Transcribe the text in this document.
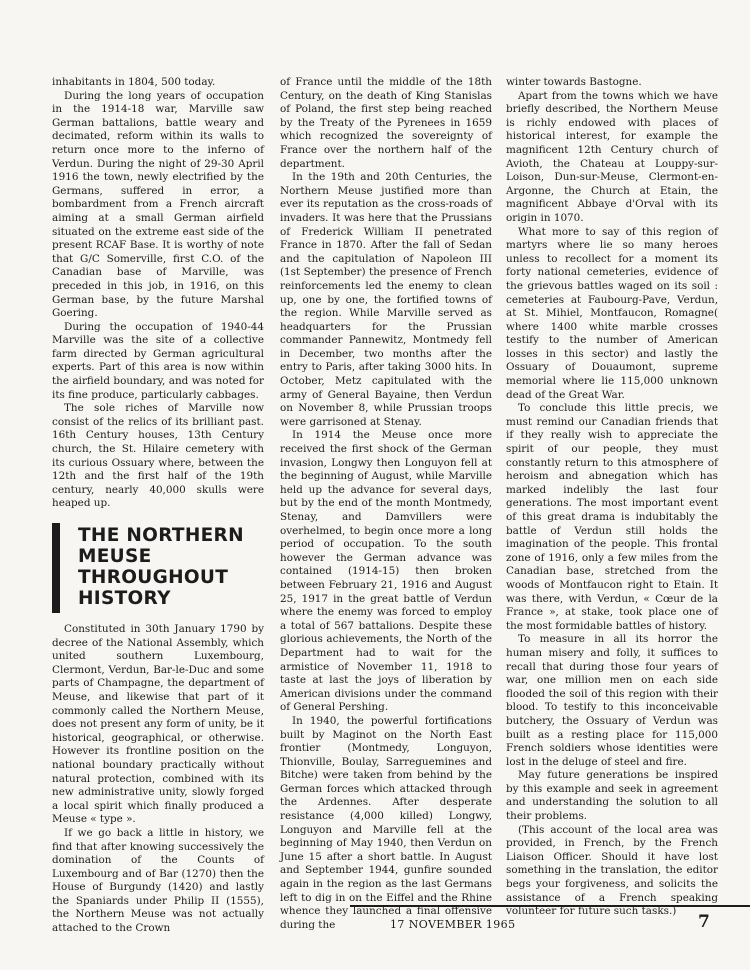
inhabitants in 1804, 500 today.

During the long years of occupation in the 1914-18 war, Marville saw German battalions, battle weary and decimated, reform within its walls to return once more to the inferno of Verdun. During the night of 29-30 April 1916 the town, newly electrified by the Germans, suffered in error, a bombardment from a French aircraft aiming at a small German airfield situated on the extreme east side of the present RCAF Base. It is worthy of note that G/C Somerville, first C.O. of the Canadian base of Marville, was preceded in this job, in 1916, on this German base, by the future Marshal Goering.

During the occupation of 1940-44 Marville was the site of a collective farm directed by German agricultural experts. Part of this area is now within the airfield boundary, and was noted for its fine produce, particularly cabbages.

The sole riches of Marville now consist of the relics of its brilliant past. 16th Century houses, 13th Century church, the St. Hilaire cemetery with its curious Ossuary where, between the 12th and the first half of the 19th century, nearly 40,000 skulls were heaped up.

THE NORTHERN
MEUSE
THROUGHOUT
HISTORY

Constituted in 30th January 1790 by decree of the National Assembly, which united southern Luxembourg, Clermont, Verdun, Bar-le-Duc and some parts of Champagne, the department of Meuse, and likewise that part of it commonly called the Northern Meuse, does not present any form of unity, be it historical, geographical, or otherwise. However its frontline position on the national boundary practically without natural protection, combined with its new administrative unity, slowly forged a local spirit which finally produced a Meuse « type ».

If we go back a little in history, we find that after knowing successively the domination of the Counts of Luxembourg and of Bar (1270) then the House of Burgundy (1420) and lastly the Spaniards under Philip II (1555), the Northern Meuse was not actually attached to the Crown

of France until the middle of the 18th Century, on the death of King Stanislas of Poland, the first step being reached by the Treaty of the Pyrenees in 1659 which recognized the sovereignty of France over the northern half of the department.

In the 19th and 20th Centuries, the Northern Meuse justified more than ever its reputation as the cross-roads of invaders. It was here that the Prussians of Frederick William II penetrated France in 1870. After the fall of Sedan and the capitulation of Napoleon III (1st September) the presence of French reinforcements led the enemy to clean up, one by one, the fortified towns of the region. While Marville served as headquarters for the Prussian commander Pannewitz, Montmedy fell in December, two months after the entry to Paris, after taking 3000 hits. In October, Metz capitulated with the army of General Bayaine, then Verdun on November 8, while Prussian troops were garrisoned at Stenay.

In 1914 the Meuse once more received the first shock of the German invasion, Longwy then Longuyon fell at the beginning of August, while Marville held up the advance for several days, but by the end of the month Montmedy, Stenay, and Damvillers were overhelmed, to begin once more a long period of occupation. To the south however the German advance was contained (1914-15) then broken between February 21, 1916 and August 25, 1917 in the great battle of Verdun where the enemy was forced to employ a total of 567 battalions. Despite these glorious achievements, the North of the Department had to wait for the armistice of November 11, 1918 to taste at last the joys of liberation by American divisions under the command of General Pershing.

In 1940, the powerful fortifications built by Maginot on the North East frontier (Montmedy, Longuyon, Thionville, Boulay, Sarreguemines and Bitche) were taken from behind by the German forces which attacked through the Ardennes. After desperate resistance (4,000 killed) Longwy, Longuyon and Marville fell at the beginning of May 1940, then Verdun on June 15 after a short battle. In August and September 1944, gunfire sounded again in the region as the last Germans left to dig in on the Eiffel and the Rhine whence they launched a final offensive during the

winter towards Bastogne.

Apart from the towns which we have briefly described, the Northern Meuse is richly endowed with places of historical interest, for example the magnificent 12th Century church of Avioth, the Chateau at Louppy-sur-Loison, Dun-sur-Meuse, Clermont-en-Argonne, the Church at Etain, the magnificent Abbaye d'Orval with its origin in 1070.

What more to say of this region of martyrs where lie so many heroes unless to recollect for a moment its forty national cemeteries, evidence of the grievous battles waged on its soil : cemeteries at Faubourg-Pave, Verdun, at St. Mihiel, Montfaucon, Romagne( where 1400 white marble crosses testify to the number of American losses in this sector) and lastly the Ossuary of Douaumont, supreme memorial where lie 115,000 unknown dead of the Great War.

To conclude this little precis, we must remind our Canadian friends that if they really wish to appreciate the spirit of our people, they must constantly return to this atmosphere of heroism and abnegation which has marked indelibly the last four generations. The most important event of this great drama is indubitably the battle of Verdun still holds the imagination of the people. This frontal zone of 1916, only a few miles from the Canadian base, stretched from the woods of Montfaucon right to Etain. It was there, with Verdun, « Cœur de la France », at stake, took place one of the most formidable battles of history.

To measure in all its horror the human misery and folly, it suffices to recall that during those four years of war, one million men on each side flooded the soil of this region with their blood. To testify to this inconceivable butchery, the Ossuary of Verdun was built as a resting place for 115,000 French soldiers whose identities were lost in the deluge of steel and fire.

May future generations be inspired by this example and seek in agreement and understanding the solution to all their problems.

(This account of the local area was provided, in French, by the French Liaison Officer. Should it have lost something in the translation, the editor begs your forgiveness, and solicits the assistance of a French speaking volunteer for future such tasks.)

17 NOVEMBER 1965	7
